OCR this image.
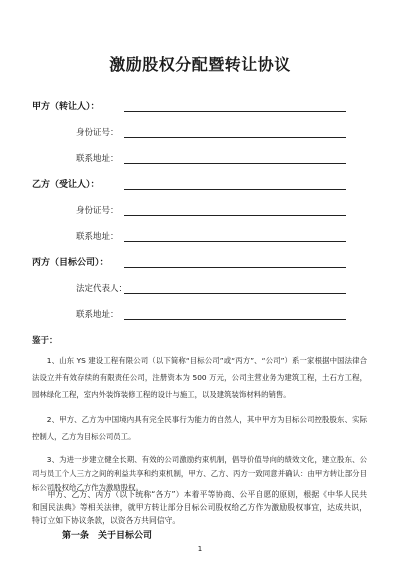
激励股权分配暨转让协议
甲方（转让人）：
身份证号：
联系地址：
乙方（受让人）：
身份证号：
联系地址：
丙方（目标公司）：
法定代表人：
联系地址：
鉴于：

1、山东 YS 建设工程有限公司（以下简称“目标公司”或“丙方”、“公司”）系一家根据中国法律合法设立并有效存续的有限责任公司，注册资本为 500 万元，公司主营业务为建筑工程，土石方工程，园林绿化工程，室内外装饰装修工程的设计与施工，以及建筑装饰材料的销售。

2、甲方、乙方为中国境内具有完全民事行为能力的自然人，其中甲方为目标公司控股股东、实际控制人，乙方为目标公司员工。

3、为进一步建立健全长期、有效的公司激励约束机制，倡导价值导向的绩效文化，建立股东、公司与员工个人三方之间的利益共享和约束机制，甲方、乙方、丙方一致同意并确认：由甲方转让部分目标公司股权给乙方作为激励股权。

甲方、乙方、丙方（以下统称“各方”）本着平等协商、公平自愿的原则，根据《中华人民共和国民法典》等相关法律，就甲方转让部分目标公司股权给乙方作为激励股权事宜，达成共识，特订立如下协议条款，以资各方共同信守。

第一条　关于目标公司
1
